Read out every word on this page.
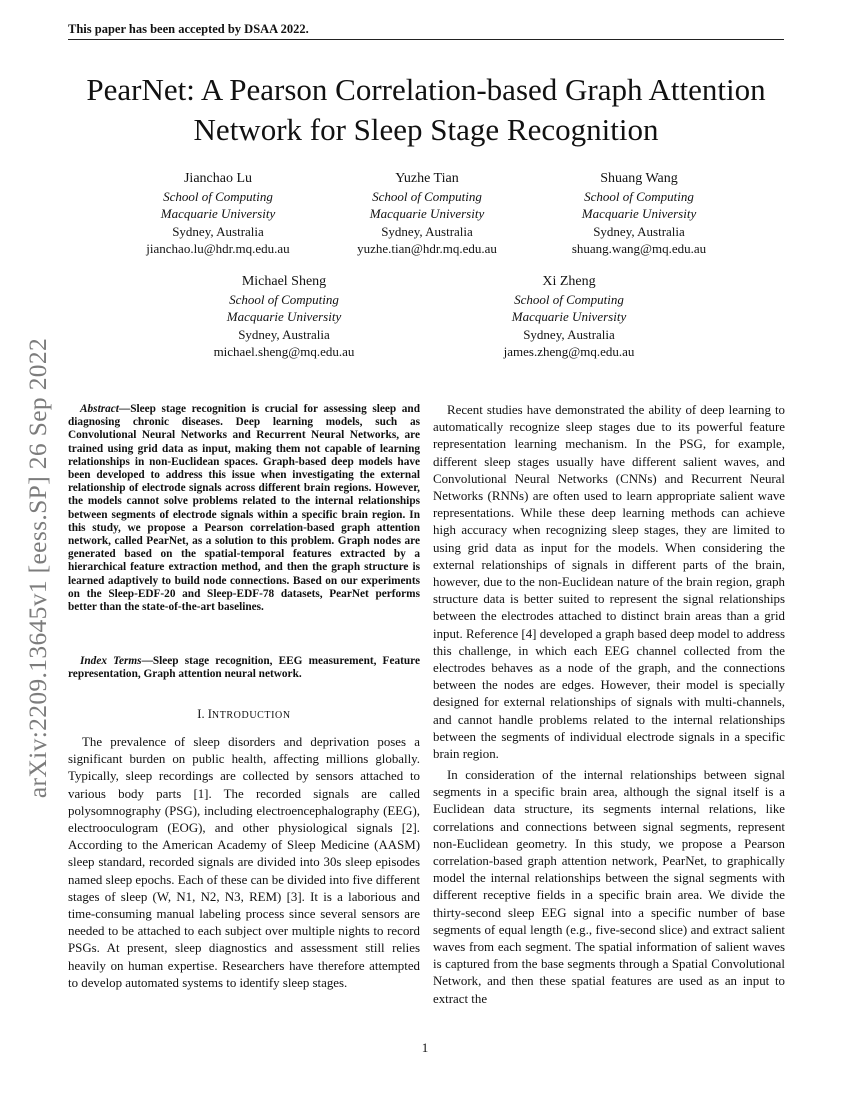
This paper has been accepted by DSAA 2022.
arXiv:2209.13645v1 [eess.SP] 26 Sep 2022
PearNet: A Pearson Correlation-based Graph Attention Network for Sleep Stage Recognition
Jianchao Lu
School of Computing
Macquarie University
Sydney, Australia
jianchao.lu@hdr.mq.edu.au
Yuzhe Tian
School of Computing
Macquarie University
Sydney, Australia
yuzhe.tian@hdr.mq.edu.au
Shuang Wang
School of Computing
Macquarie University
Sydney, Australia
shuang.wang@mq.edu.au
Michael Sheng
School of Computing
Macquarie University
Sydney, Australia
michael.sheng@mq.edu.au
Xi Zheng
School of Computing
Macquarie University
Sydney, Australia
james.zheng@mq.edu.au
Abstract—Sleep stage recognition is crucial for assessing sleep and diagnosing chronic diseases. Deep learning models, such as Convolutional Neural Networks and Recurrent Neural Networks, are trained using grid data as input, making them not capable of learning relationships in non-Euclidean spaces. Graph-based deep models have been developed to address this issue when investigating the external relationship of electrode signals across different brain regions. However, the models cannot solve problems related to the internal relationships between segments of electrode signals within a specific brain region. In this study, we propose a Pearson correlation-based graph attention network, called PearNet, as a solution to this problem. Graph nodes are generated based on the spatial-temporal features extracted by a hierarchical feature extraction method, and then the graph structure is learned adaptively to build node connections. Based on our experiments on the Sleep-EDF-20 and Sleep-EDF-78 datasets, PearNet performs better than the state-of-the-art baselines.
Index Terms—Sleep stage recognition, EEG measurement, Feature representation, Graph attention neural network.
I. INTRODUCTION
The prevalence of sleep disorders and deprivation poses a significant burden on public health, affecting millions globally. Typically, sleep recordings are collected by sensors attached to various body parts [1]. The recorded signals are called polysomnography (PSG), including electroencephalography (EEG), electrooculogram (EOG), and other physiological signals [2]. According to the American Academy of Sleep Medicine (AASM) sleep standard, recorded signals are divided into 30s sleep episodes named sleep epochs. Each of these can be divided into five different stages of sleep (W, N1, N2, N3, REM) [3]. It is a laborious and time-consuming manual labeling process since several sensors are needed to be attached to each subject over multiple nights to record PSGs. At present, sleep diagnostics and assessment still relies heavily on human expertise. Researchers have therefore attempted to develop automated systems to identify sleep stages.
Recent studies have demonstrated the ability of deep learning to automatically recognize sleep stages due to its powerful feature representation learning mechanism. In the PSG, for example, different sleep stages usually have different salient waves, and Convolutional Neural Networks (CNNs) and Recurrent Neural Networks (RNNs) are often used to learn appropriate salient wave representations. While these deep learning methods can achieve high accuracy when recognizing sleep stages, they are limited to using grid data as input for the models. When considering the external relationships of signals in different parts of the brain, however, due to the non-Euclidean nature of the brain region, graph structure data is better suited to represent the signal relationships between the electrodes attached to distinct brain areas than a grid input. Reference [4] developed a graph based deep model to address this challenge, in which each EEG channel collected from the electrodes behaves as a node of the graph, and the connections between the nodes are edges. However, their model is specially designed for external relationships of signals with multi-channels, and cannot handle problems related to the internal relationships between the segments of individual electrode signals in a specific brain region.
In consideration of the internal relationships between signal segments in a specific brain area, although the signal itself is a Euclidean data structure, its segments internal relations, like correlations and connections between signal segments, represent non-Euclidean geometry. In this study, we propose a Pearson correlation-based graph attention network, PearNet, to graphically model the internal relationships between the signal segments with different receptive fields in a specific brain area. We divide the thirty-second sleep EEG signal into a specific number of base segments of equal length (e.g., five-second slice) and extract salient waves from each segment. The spatial information of salient waves is captured from the base segments through a Spatial Convolutional Network, and then these spatial features are used as an input to extract the
1
